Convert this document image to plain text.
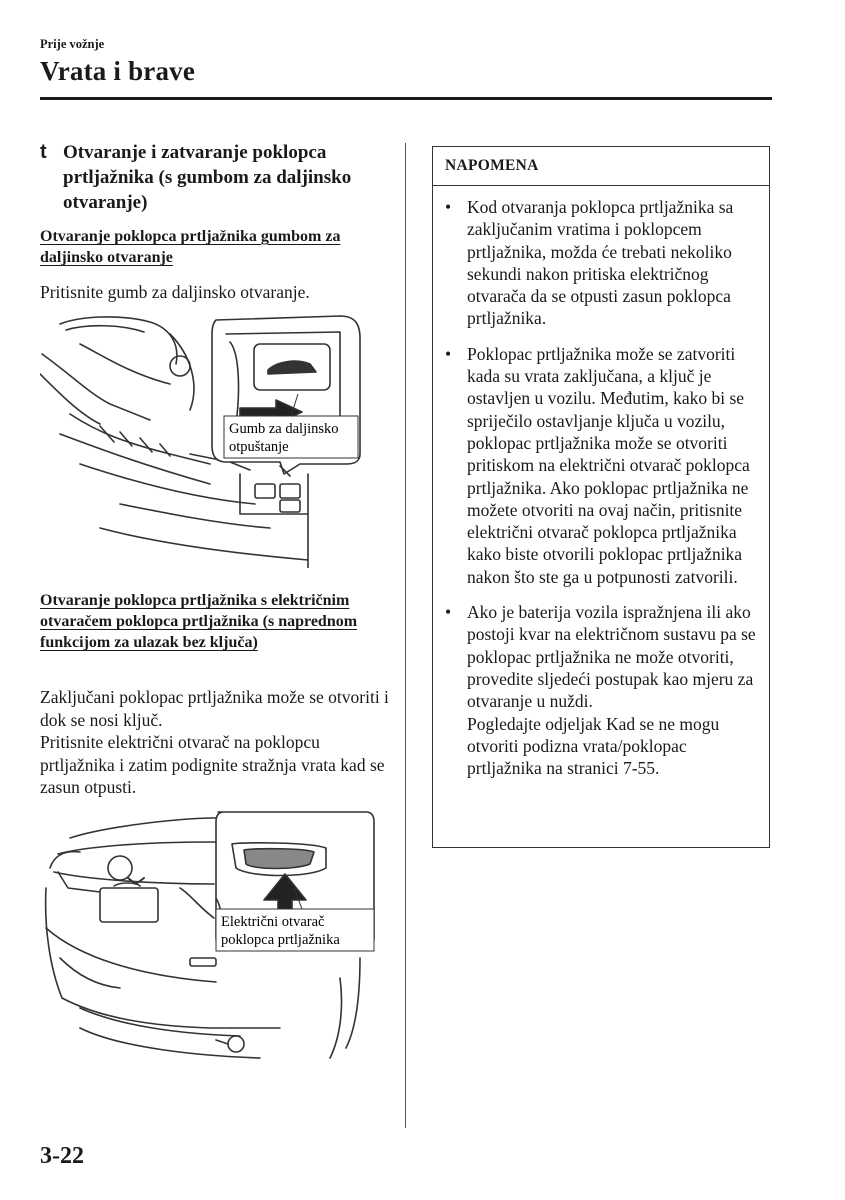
Prije vožnje
Vrata i brave
t Otvaranje i zatvaranje poklopca prtljažnika (s gumbom za daljinsko otvaranje)
Otvaranje poklopca prtljažnika gumbom za daljinsko otvaranje
Pritisnite gumb za daljinsko otvaranje.
Gumb za daljinsko
otpuštanje
Otvaranje poklopca prtljažnika s električnim otvaračem poklopca prtljažnika (s naprednom funkcijom za ulazak bez ključa)
Zaključani poklopac prtljažnika može se otvoriti i dok se nosi ključ.
Pritisnite električni otvarač na poklopcu prtljažnika i zatim podignite stražnja vrata kad se zasun otpusti.
Električni otvarač
poklopca prtljažnika
NAPOMENA
• Kod otvaranja poklopca prtljažnika sa zaključanim vratima i poklopcem prtljažnika, možda će trebati nekoliko sekundi nakon pritiska električnog otvarača da se otpusti zasun poklopca prtljažnika.
• Poklopac prtljažnika može se zatvoriti kada su vrata zaključana, a ključ je ostavljen u vozilu. Međutim, kako bi se spriječilo ostavljanje ključa u vozilu, poklopac prtljažnika može se otvoriti pritiskom na električni otvarač poklopca prtljažnika. Ako poklopac prtljažnika ne možete otvoriti na ovaj način, pritisnite električni otvarač poklopca prtljažnika kako biste otvorili poklopac prtljažnika nakon što ste ga u potpunosti zatvorili.
• Ako je baterija vozila ispražnjena ili ako postoji kvar na električnom sustavu pa se poklopac prtljažnika ne može otvoriti, provedite sljedeći postupak kao mjeru za otvaranje u nuždi.
Pogledajte odjeljak Kad se ne mogu otvoriti podizna vrata/poklopac prtljažnika na stranici 7-55.
3-22
